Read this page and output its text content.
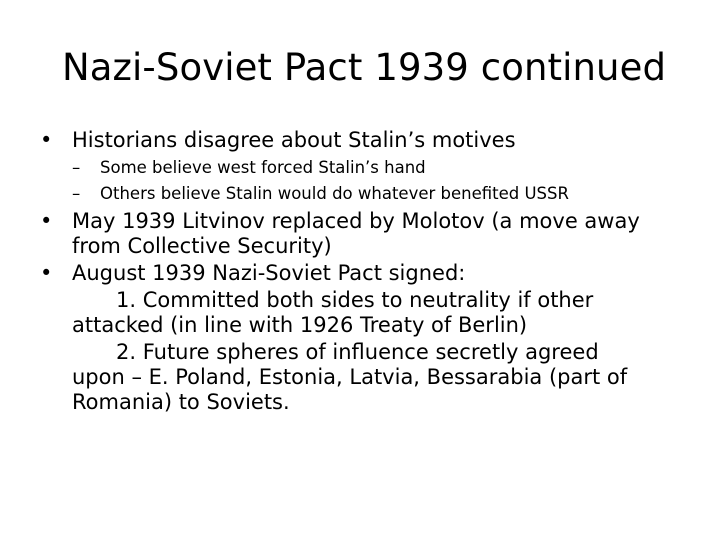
Nazi-Soviet Pact 1939 continued
• Historians disagree about Stalin’s motives
– Some believe west forced Stalin’s hand
– Others believe Stalin would do whatever benefited USSR
• May 1939 Litvinov replaced by Molotov (a move away
from Collective Security)
• August 1939 Nazi-Soviet Pact signed:
1. Committed both sides to neutrality if other
attacked (in line with 1926 Treaty of Berlin)
2. Future spheres of influence secretly agreed
upon – E. Poland, Estonia, Latvia, Bessarabia (part of
Romania) to Soviets.
